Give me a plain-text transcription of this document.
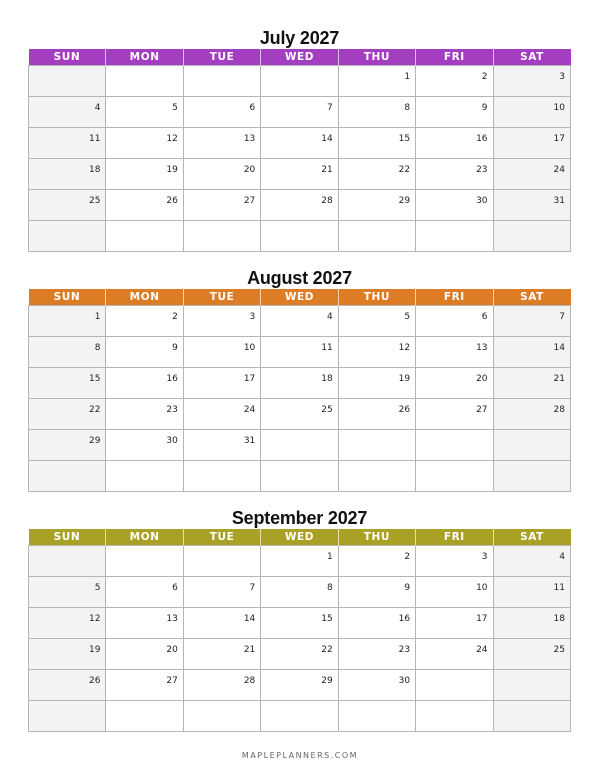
July 2027
SUN	MON	TUE	WED	THU	FRI	SAT
				1	2	3
4	5	6	7	8	9	10
11	12	13	14	15	16	17
18	19	20	21	22	23	24
25	26	27	28	29	30	31

August 2027
SUN	MON	TUE	WED	THU	FRI	SAT
1	2	3	4	5	6	7
8	9	10	11	12	13	14
15	16	17	18	19	20	21
22	23	24	25	26	27	28
29	30	31				

September 2027
SUN	MON	TUE	WED	THU	FRI	SAT
			1	2	3	4
5	6	7	8	9	10	11
12	13	14	15	16	17	18
19	20	21	22	23	24	25
26	27	28	29	30		

MAPLEPLANNERS.COM
